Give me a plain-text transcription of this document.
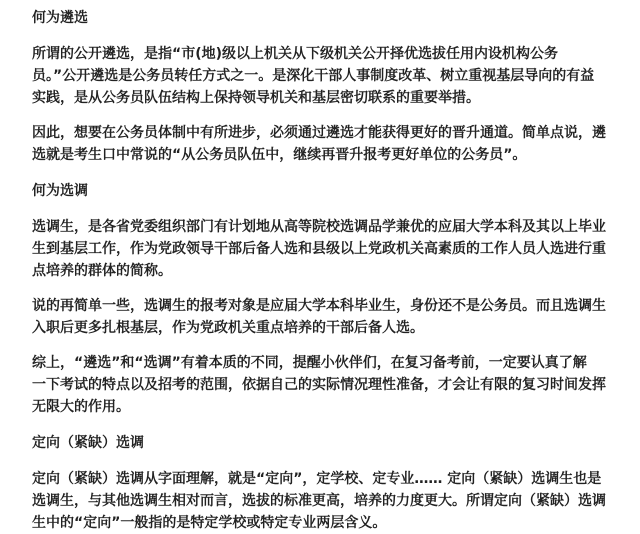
何为遴选
所谓的公开遴选，是指“市(地)级以上机关从下级机关公开择优选拔任用内设机构公务
员。”公开遴选是公务员转任方式之一。是深化干部人事制度改革、树立重视基层导向的有益
实践，是从公务员队伍结构上保持领导机关和基层密切联系的重要举措。
因此，想要在公务员体制中有所进步，必须通过遴选才能获得更好的晋升通道。简单点说，遴
选就是考生口中常说的“从公务员队伍中，继续再晋升报考更好单位的公务员”。
何为选调
选调生，是各省党委组织部门有计划地从高等院校选调品学兼优的应届大学本科及其以上毕业
生到基层工作，作为党政领导干部后备人选和县级以上党政机关高素质的工作人员人选进行重
点培养的群体的简称。
说的再简单一些，选调生的报考对象是应届大学本科毕业生，身份还不是公务员。而且选调生
入职后更多扎根基层，作为党政机关重点培养的干部后备人选。
综上，“遴选”和“选调”有着本质的不同，提醒小伙伴们，在复习备考前，一定要认真了解
一下考试的特点以及招考的范围，依据自己的实际情况理性准备，才会让有限的复习时间发挥
无限大的作用。
定向（紧缺）选调
定向（紧缺）选调从字面理解，就是“定向”，定学校、定专业…… 定向（紧缺）选调生也是
选调生，与其他选调生相对而言，选拔的标准更高，培养的力度更大。所谓定向（紧缺）选调
生中的“定向”一般指的是特定学校或特定专业两层含义。
